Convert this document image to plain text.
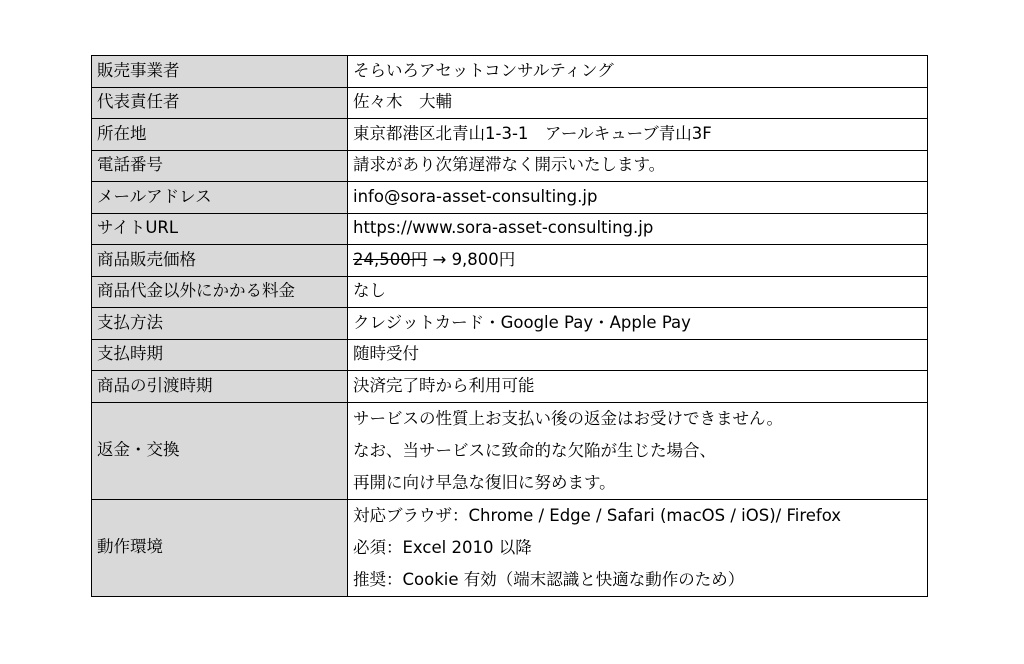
販売事業者	そらいろアセットコンサルティング
代表責任者	佐々木　大輔
所在地	東京都港区北青山1-3-1　アールキューブ青山3F
電話番号	請求があり次第遅滞なく開示いたします。
メールアドレス	info@sora-asset-consulting.jp
サイトURL	https://www.sora-asset-consulting.jp
商品販売価格	24,500円 → 9,800円
商品代金以外にかかる料金	なし
支払方法	クレジットカード・Google Pay・Apple Pay
支払時期	随時受付
商品の引渡時期	決済完了時から利用可能
返金・交換	サービスの性質上お支払い後の返金はお受けできません。
なお、当サービスに致命的な欠陥が生じた場合、
再開に向け早急な復旧に努めます。

動作環境	対応ブラウザ：Chrome / Edge / Safari (macOS / iOS)/ Firefox
必須：Excel 2010 以降
推奨：Cookie 有効（端末認識と快適な動作のため）
